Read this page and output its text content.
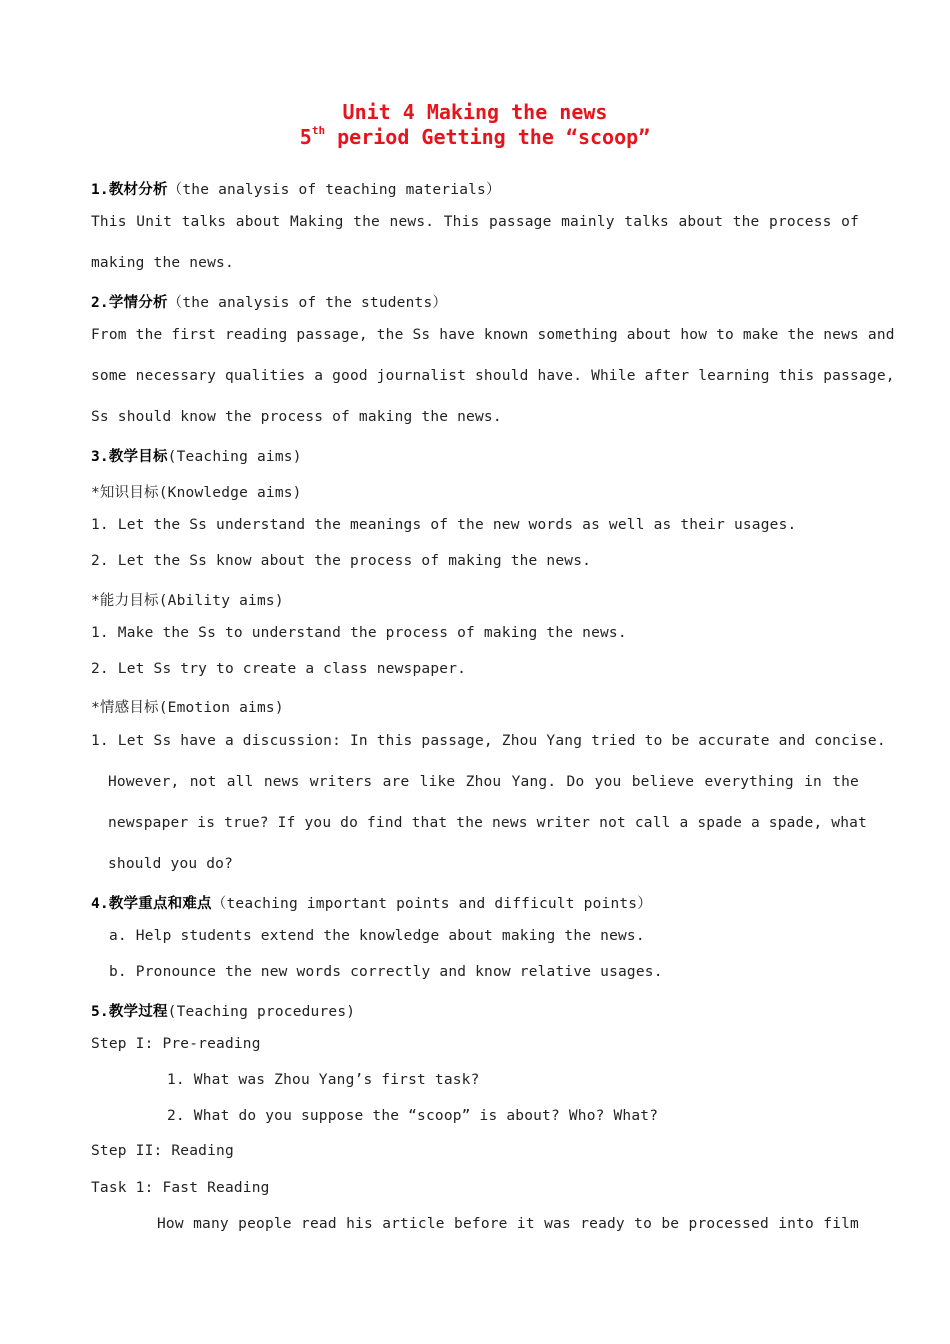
Unit 4 Making the news
5th period Getting the “scoop”
1.教材分析（the analysis of teaching materials）
This Unit talks about Making the news. This passage mainly talks about the process of
making the news.
2.学情分析（the analysis of the students）
From the first reading passage, the Ss have known something about how to make the news and
some necessary qualities a good journalist should have. While after learning this passage,
Ss should know the process of making the news.
3.教学目标(Teaching aims)
*知识目标(Knowledge aims)
1. Let the Ss understand the meanings of the new words as well as their usages.
2. Let the Ss know about the process of making the news.
*能力目标(Ability aims)
1. Make the Ss to understand the process of making the news.
2. Let Ss try to create a class newspaper.
*情感目标(Emotion aims)
1. Let Ss have a discussion: In this passage, Zhou Yang tried to be accurate and concise.
However, not all news writers are like Zhou Yang. Do you believe everything in the
newspaper is true? If you do find that the news writer not call a spade a spade, what
should you do?
4.教学重点和难点（teaching important points and difficult points）
a. Help students extend the knowledge about making the news.
b. Pronounce the new words correctly and know relative usages.
5.教学过程(Teaching procedures)
Step I: Pre-reading
1. What was Zhou Yang’s first task?
2. What do you suppose the “scoop” is about? Who? What?
Step II: Reading
Task 1: Fast Reading
How many people read his article before it was ready to be processed into film
